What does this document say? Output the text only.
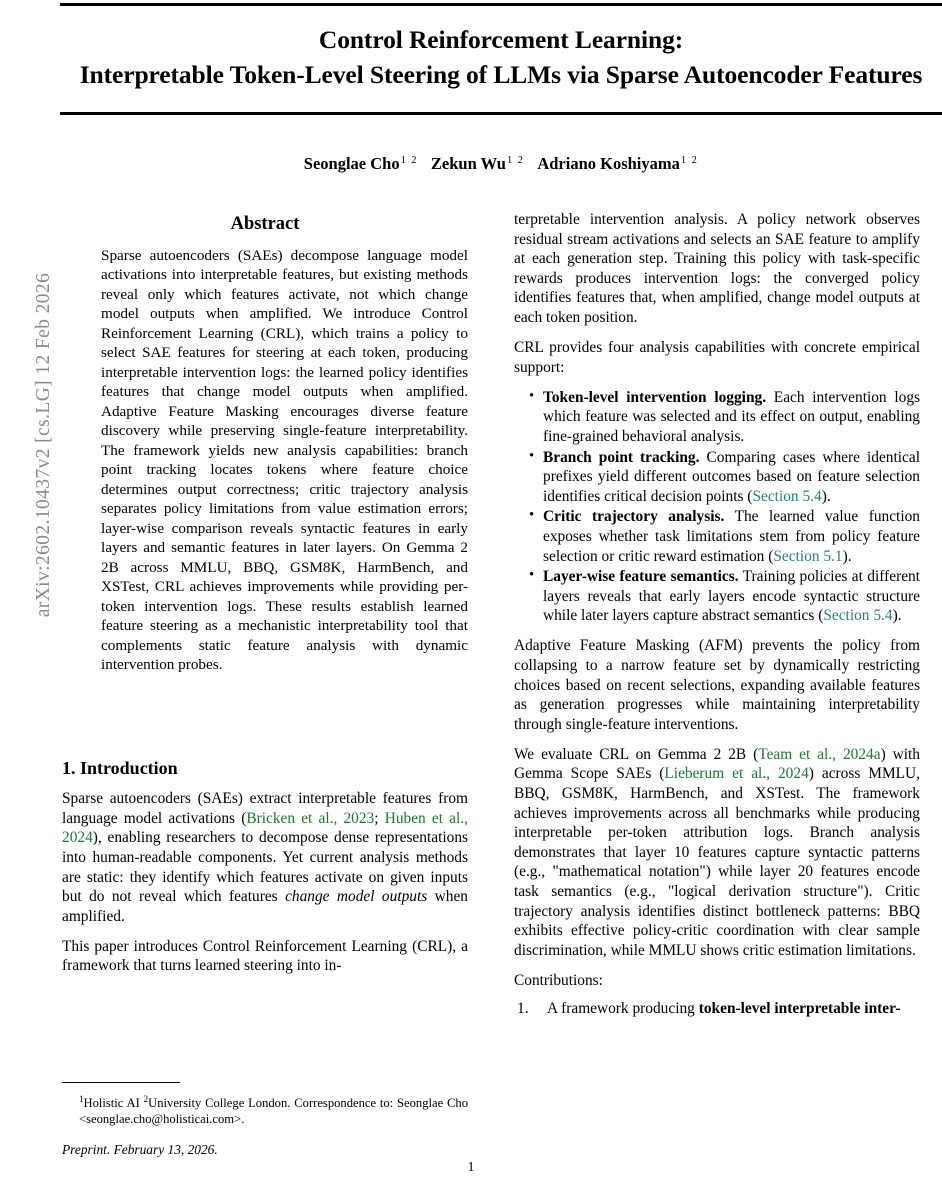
arXiv:2602.10437v2 [cs.LG] 12 Feb 2026
Control Reinforcement Learning:
Interpretable Token-Level Steering of LLMs via Sparse Autoencoder Features
Seonglae Cho$^{1 2}$ Zekun Wu$^{1 2}$ Adriano Koshiyama$^{1 2}$
Abstract
Sparse autoencoders (SAEs) decompose language model activations into interpretable features, but existing methods reveal only which features activate, not which change model outputs when amplified. We introduce Control Reinforcement Learning (CRL), which trains a policy to select SAE features for steering at each token, producing interpretable intervention logs: the learned policy identifies features that change model outputs when amplified. Adaptive Feature Masking encourages diverse feature discovery while preserving single-feature interpretability. The framework yields new analysis capabilities: branch point tracking locates tokens where feature choice determines output correctness; critic trajectory analysis separates policy limitations from value estimation errors; layer-wise comparison reveals syntactic features in early layers and semantic features in later layers. On Gemma 2 2B across MMLU, BBQ, GSM8K, HarmBench, and XSTest, CRL achieves improvements while providing per-token intervention logs. These results establish learned feature steering as a mechanistic interpretability tool that complements static feature analysis with dynamic intervention probes.
1. Introduction

Sparse autoencoders (SAEs) extract interpretable features from language model activations (Bricken et al., 2023; Huben et al., 2024), enabling researchers to decompose dense representations into human-readable components. Yet current analysis methods are static: they identify which features activate on given inputs but do not reveal which features change model outputs when amplified.

This paper introduces Control Reinforcement Learning (CRL), a framework that turns learned steering into in-

terpretable intervention analysis. A policy network observes residual stream activations and selects an SAE feature to amplify at each generation step. Training this policy with task-specific rewards produces intervention logs: the converged policy identifies features that, when amplified, change model outputs at each token position.

CRL provides four analysis capabilities with concrete empirical support:

• Token-level intervention logging. Each intervention logs which feature was selected and its effect on output, enabling fine-grained behavioral analysis.
• Branch point tracking. Comparing cases where identical prefixes yield different outcomes based on feature selection identifies critical decision points (Section 5.4).
• Critic trajectory analysis. The learned value function exposes whether task limitations stem from policy feature selection or critic reward estimation (Section 5.1).
• Layer-wise feature semantics. Training policies at different layers reveals that early layers encode syntactic structure while later layers capture abstract semantics (Section 5.4).

Adaptive Feature Masking (AFM) prevents the policy from collapsing to a narrow feature set by dynamically restricting choices based on recent selections, expanding available features as generation progresses while maintaining interpretability through single-feature interventions.

We evaluate CRL on Gemma 2 2B (Team et al., 2024a) with Gemma Scope SAEs (Lieberum et al., 2024) across MMLU, BBQ, GSM8K, HarmBench, and XSTest. The framework achieves improvements across all benchmarks while producing interpretable per-token attribution logs. Branch analysis demonstrates that layer 10 features capture syntactic patterns (e.g., "mathematical notation") while layer 20 features encode task semantics (e.g., "logical derivation structure"). Critic trajectory analysis identifies distinct bottleneck patterns: BBQ exhibits effective policy-critic coordination with clear sample discrimination, while MMLU shows critic estimation limitations.

Contributions:

A framework producing token-level interpretable inter-
$^1$Holistic AI $^2$University College London. Correspondence to: Seonglae Cho <seonglae.cho@holisticai.com>.
Preprint. February 13, 2026.
1
